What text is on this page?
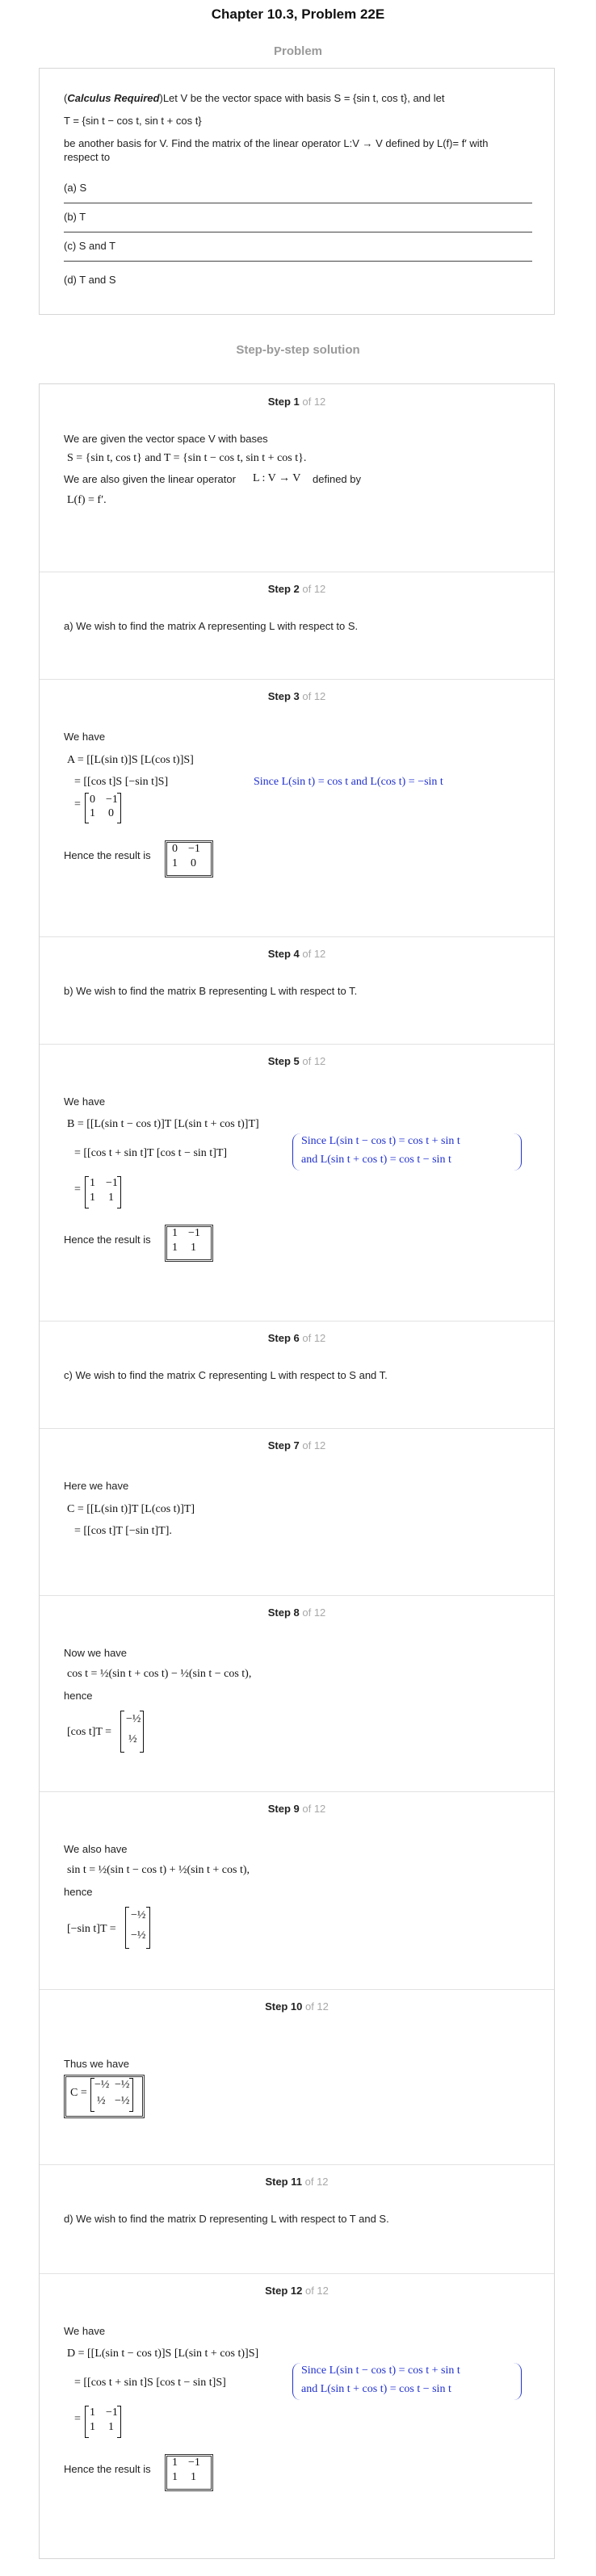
Chapter 10.3, Problem 22E
Problem
(Calculus Required)Let V be the vector space with basis S = {sin t, cos t}, and let
T = {sin t − cos t, sin t + cos t}
be another basis for V. Find the matrix of the linear operator L:V → V defined by L(f)= f′ with
respect to
(a) S
(b) T
(c) S and T
(d) T and S
Step-by-step solution
Step 1 of 12
We are given the vector space V with bases
S = {sin t, cos t} and T = {sin t − cos t, sin t + cos t}.
We are also given the linear operator L : V → V defined by
L(f) = f′.
Step 2 of 12
a) We wish to find the matrix A representing L with respect to S.
Step 3 of 12
We have
A = [[L(sin t)]S [L(cos t)]S]
= [[cos t]S [−sin t]S]	Since L(sin t) = cos t and L(cos t) = −sin t
= 0 −1
1 0
Hence the result is
0 −1
1 0
Step 4 of 12
b) We wish to find the matrix B representing L with respect to T.
Step 5 of 12
We have
B = [[L(sin t − cos t)]T [L(sin t + cos t)]T]
= [[cos t + sin t]T [cos t − sin t]T]
Since L(sin t − cos t) = cos t + sin t
and L(sin t + cos t) = cos t − sin t
=
1 −1
1 1
Hence the result is
1 −1
1 1
Step 6 of 12
c) We wish to find the matrix C representing L with respect to S and T.
Step 7 of 12
Here we have
C = [[L(sin t)]T [L(cos t)]T]
= [[cos t]T [−sin t]T].
Step 8 of 12
Now we have
cos t = ½(sin t + cos t) − ½(sin t − cos t),
hence
[cos t]T =
−½
½
Step 9 of 12
We also have
sin t = ½(sin t − cos t) + ½(sin t + cos t),
hence
[−sin t]T =
−½
−½
Step 10 of 12
Thus we have
C =
−½ −½
½ −½
Step 11 of 12
d) We wish to find the matrix D representing L with respect to T and S.
Step 12 of 12
We have
D = [[L(sin t − cos t)]S [L(sin t + cos t)]S]
= [[cos t + sin t]S [cos t − sin t]S]
Since L(sin t − cos t) = cos t + sin t
and L(sin t + cos t) = cos t − sin t
=
1 −1
1 1
Hence the result is
1 −1
1 1
